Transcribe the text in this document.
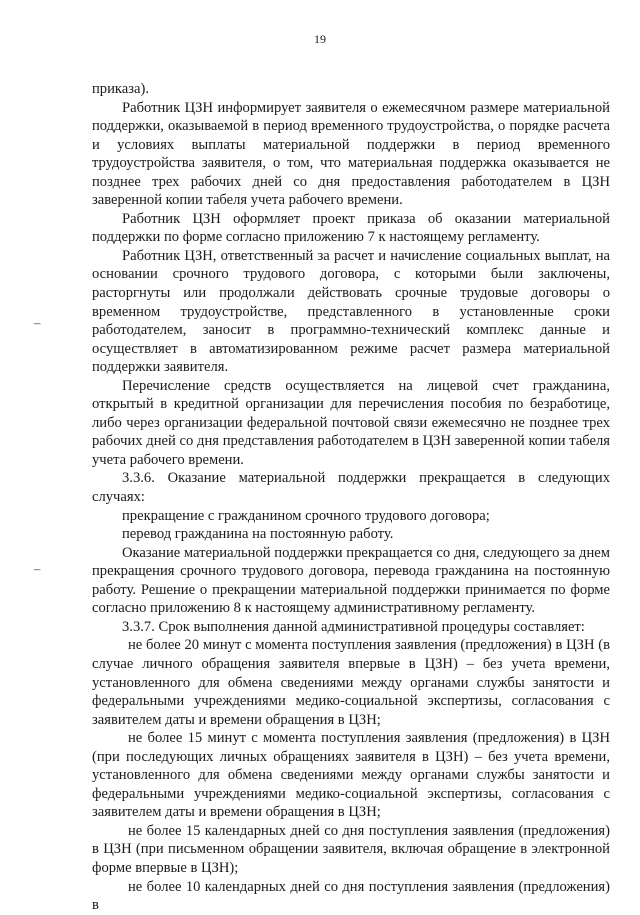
19
–
–

приказа).

Работник ЦЗН информирует заявителя о ежемесячном размере материальной поддержки, оказываемой в период временного трудоустройства, о порядке расчета и условиях выплаты материальной поддержки в период временного трудоустройства заявителя, о том, что материальная поддержка оказывается не позднее трех рабочих дней со дня предоставления работодателем в ЦЗН заверенной копии табеля учета рабочего времени.

Работник ЦЗН оформляет проект приказа об оказании материальной поддержки по форме согласно приложению 7 к настоящему регламенту.

Работник ЦЗН, ответственный за расчет и начисление социальных выплат, на основании срочного трудового договора, с которыми были заключены, расторгнуты или продолжали действовать срочные трудовые договоры о временном трудоустройстве, представленного в установленные сроки работодателем, заносит в программно-технический комплекс данные и осуществляет в автоматизированном режиме расчет размера материальной поддержки заявителя.

Перечисление средств осуществляется на лицевой счет гражданина, открытый в кредитной организации для перечисления пособия по безработице, либо через организации федеральной почтовой связи ежемесячно не позднее трех рабочих дней со дня представления работодателем в ЦЗН заверенной копии табеля учета рабочего времени.

3.3.6. Оказание материальной поддержки прекращается в следующих случаях:

прекращение с гражданином срочного трудового договора;

перевод гражданина на постоянную работу.

Оказание материальной поддержки прекращается со дня, следующего за днем прекращения срочного трудового договора, перевода гражданина на постоянную работу. Решение о прекращении материальной поддержки принимается по форме согласно приложению 8 к настоящему административному регламенту.

3.3.7. Срок выполнения данной административной процедуры составляет:

не более 20 минут с момента поступления заявления (предложения) в ЦЗН (в случае личного обращения заявителя впервые в ЦЗН) – без учета времени, установленного для обмена сведениями между органами службы занятости и федеральными учреждениями медико-социальной экспертизы, согласования с заявителем даты и времени обращения в ЦЗН;

не более 15 минут с момента поступления заявления (предложения) в ЦЗН (при последующих личных обращениях заявителя в ЦЗН) – без учета времени, установленного для обмена сведениями между органами службы занятости и федеральными учреждениями медико-социальной экспертизы, согласования с заявителем даты и времени обращения в ЦЗН;

не более 15 календарных дней со дня поступления заявления (предложения) в ЦЗН (при письменном обращении заявителя, включая обращение в электронной форме впервые в ЦЗН);

не более 10 календарных дней со дня поступления заявления (предложения) в
